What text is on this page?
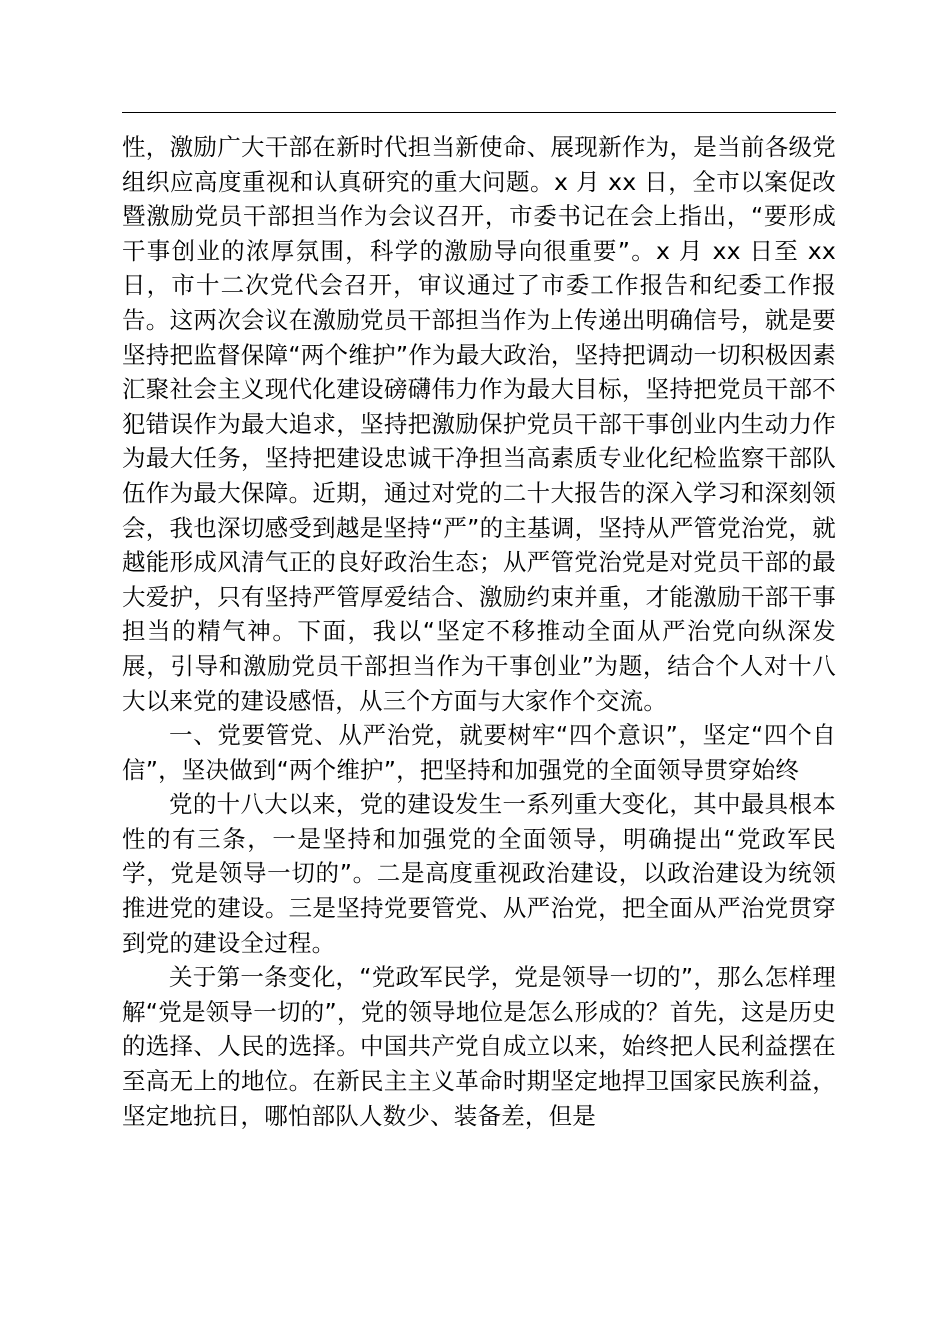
性，激励广大干部在新时代担当新使命、展现新作为，是当前各级党组织应高度重视和认真研究的重大问题。x 月 xx 日，全市以案促改暨激励党员干部担当作为会议召开，市委书记在会上指出，“要形成干事创业的浓厚氛围，科学的激励导向很重要”。x 月 xx 日至 xx 日，市十二次党代会召开，审议通过了市委工作报告和纪委工作报告。这两次会议在激励党员干部担当作为上传递出明确信号，就是要坚持把监督保障“两个维护”作为最大政治，坚持把调动一切积极因素汇聚社会主义现代化建设磅礴伟力作为最大目标，坚持把党员干部不犯错误作为最大追求，坚持把激励保护党员干部干事创业内生动力作为最大任务，坚持把建设忠诚干净担当高素质专业化纪检监察干部队伍作为最大保障。近期，通过对党的二十大报告的深入学习和深刻领会，我也深切感受到越是坚持“严”的主基调，坚持从严管党治党，就越能形成风清气正的良好政治生态；从严管党治党是对党员干部的最大爱护，只有坚持严管厚爱结合、激励约束并重，才能激励干部干事担当的精气神。下面，我以“坚定不移推动全面从严治党向纵深发展，引导和激励党员干部担当作为干事创业”为题，结合个人对十八大以来党的建设感悟，从三个方面与大家作个交流。

一、党要管党、从严治党，就要树牢“四个意识”，坚定“四个自信”，坚决做到“两个维护”，把坚持和加强党的全面领导贯穿始终

党的十八大以来，党的建设发生一系列重大变化，其中最具根本性的有三条，一是坚持和加强党的全面领导，明确提出“党政军民学，党是领导一切的”。二是高度重视政治建设，以政治建设为统领推进党的建设。三是坚持党要管党、从严治党，把全面从严治党贯穿到党的建设全过程。

关于第一条变化，“党政军民学，党是领导一切的”，那么怎样理解“党是领导一切的”，党的领导地位是怎么形成的？首先，这是历史的选择、人民的选择。中国共产党自成立以来，始终把人民利益摆在至高无上的地位。在新民主主义革命时期坚定地捍卫国家民族利益，坚定地抗日，哪怕部队人数少、装备差，但是
